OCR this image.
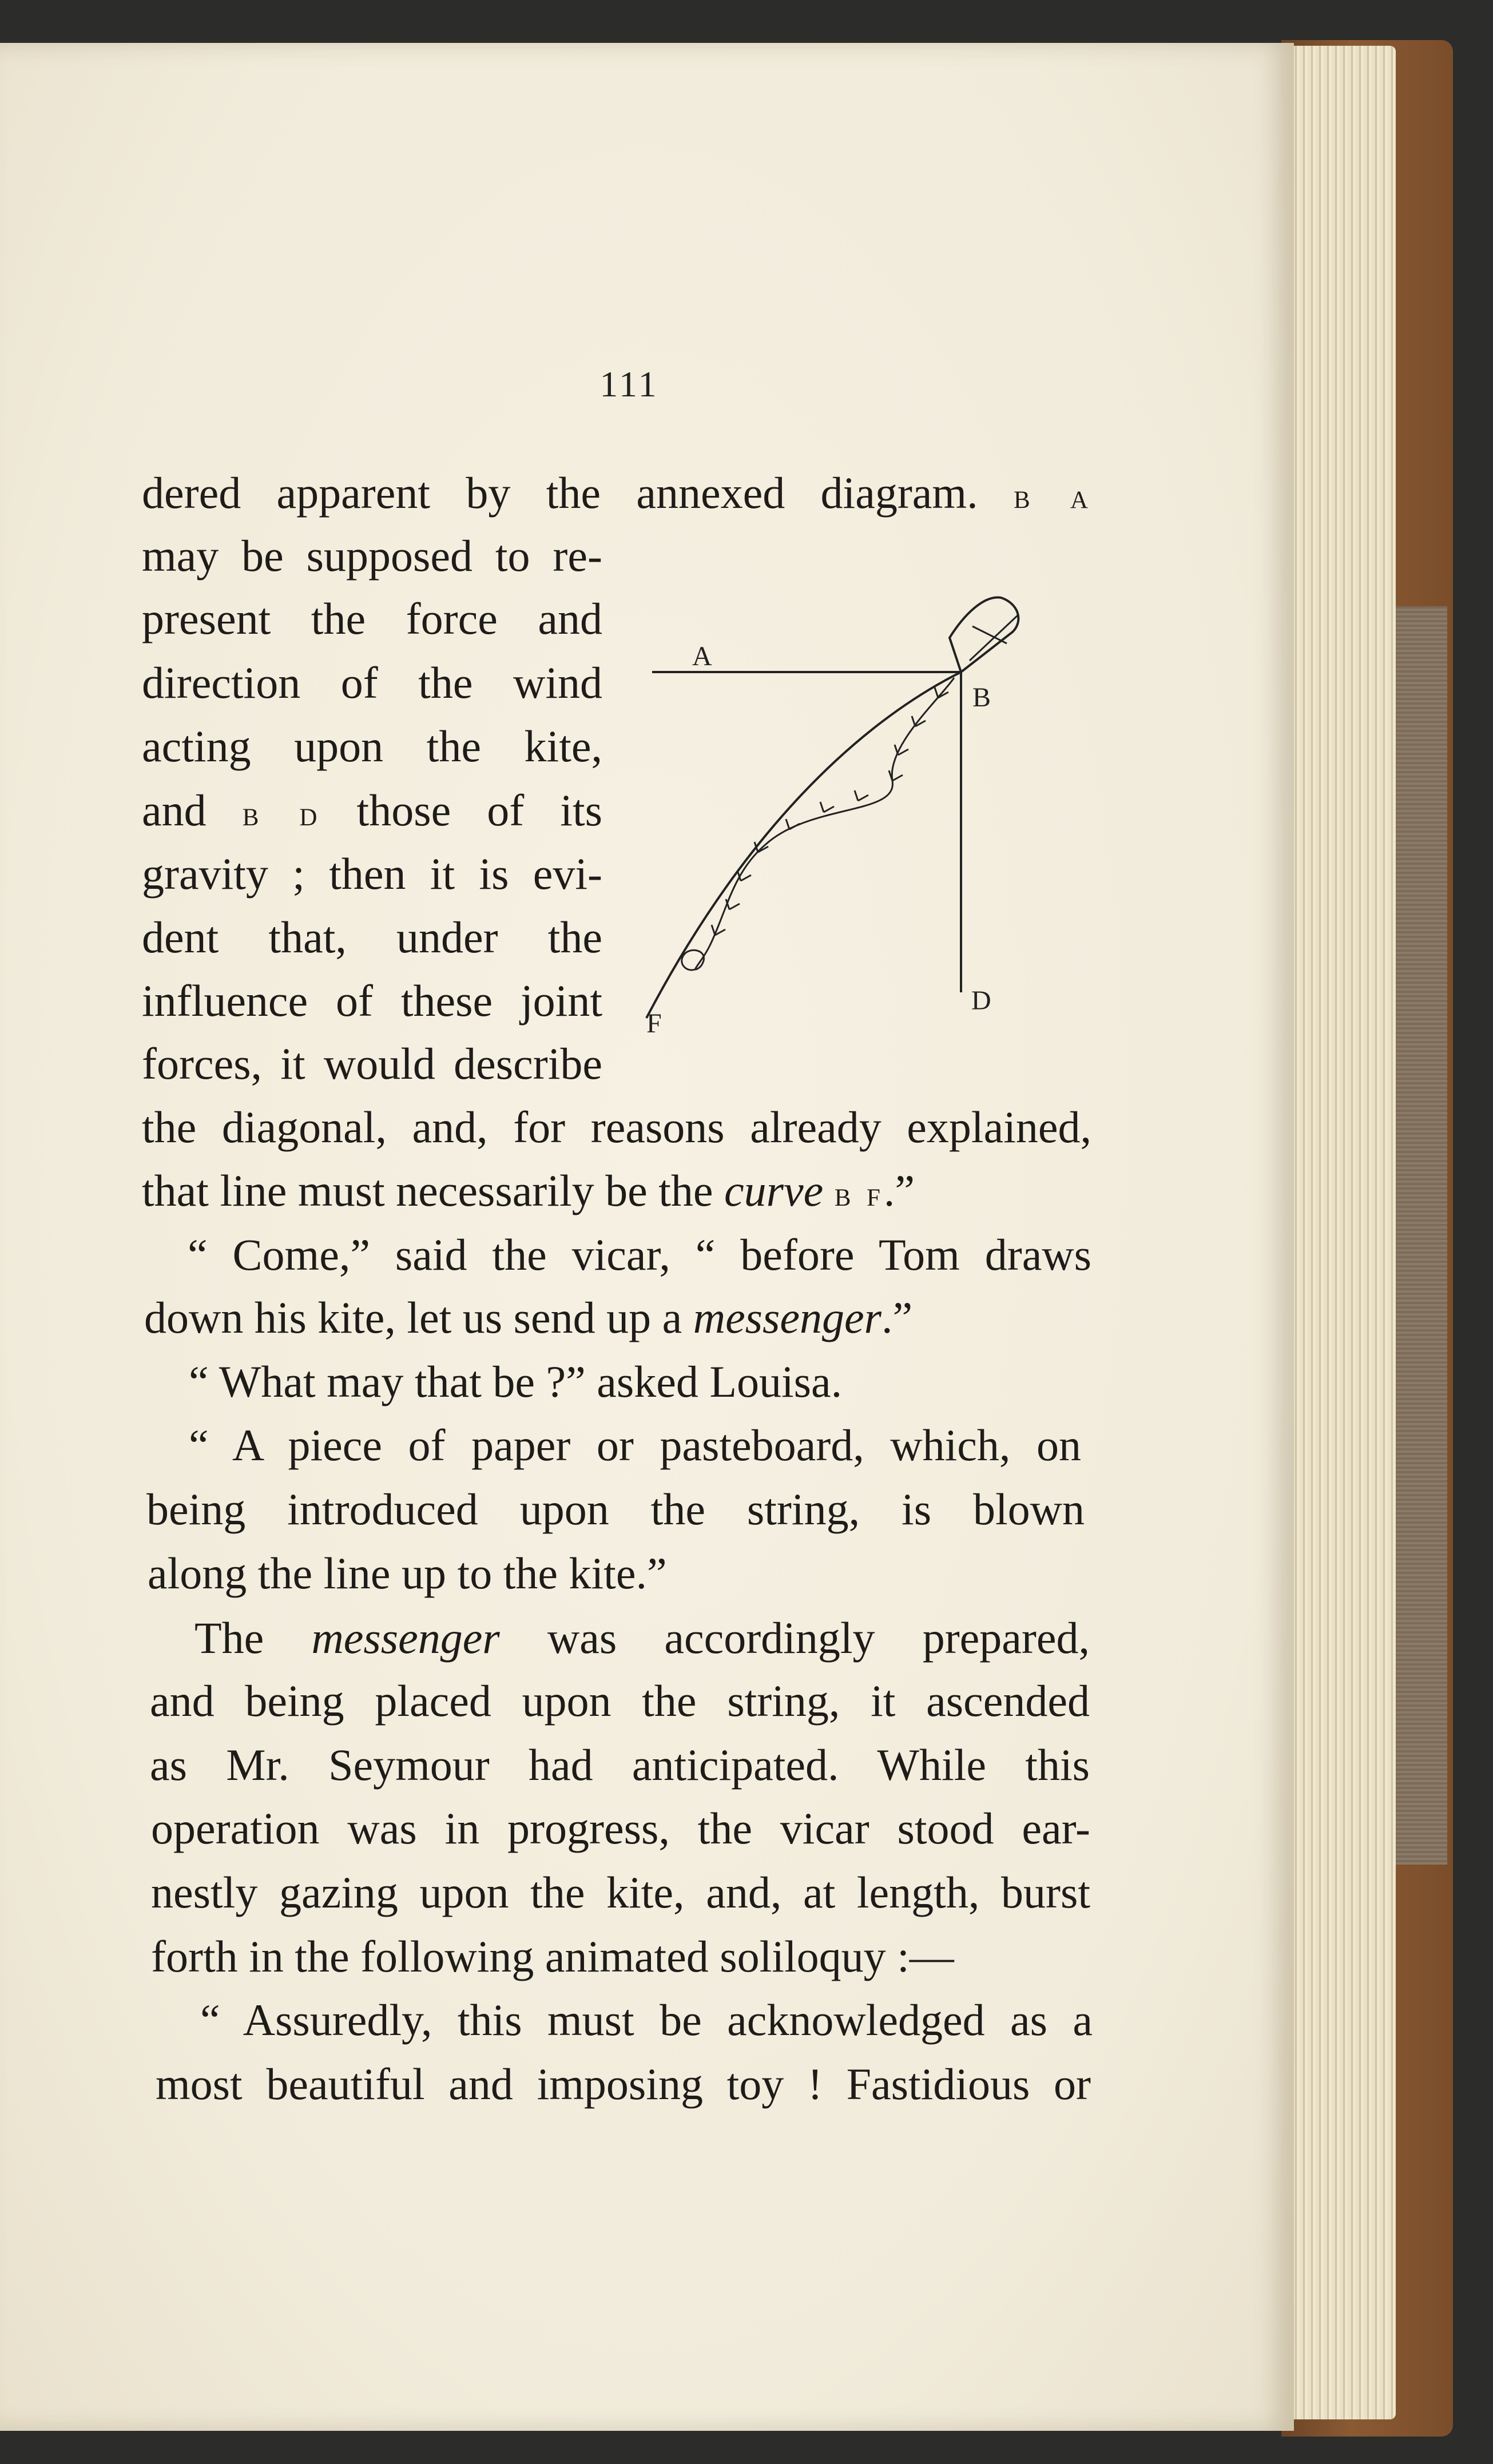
111

dered apparent by the annexed diagram. b a

may be supposed to re-

present the force and

direction of the wind

acting upon the kite,

and b d those of its

gravity ; then it is evi-

dent that, under the

influence of these joint

forces, it would describe

the diagonal, and, for reasons already explained,

that line must necessarily be the curve b f.”

“ Come,” said the vicar, “ before Tom draws

down his kite, let us send up a messenger.”

“ What may that be ?” asked Louisa.

“ A piece of paper or pasteboard, which, on

being introduced upon the string, is blown

along the line up to the kite.”

The messenger was accordingly prepared,

and being placed upon the string, it ascended

as Mr. Seymour had anticipated. While this

operation was in progress, the vicar stood ear-

nestly gazing upon the kite, and, at length, burst

forth in the following animated soliloquy :—

“ Assuredly, this must be acknowledged as a

most beautiful and imposing toy ! Fastidious or

A
B
D
F
